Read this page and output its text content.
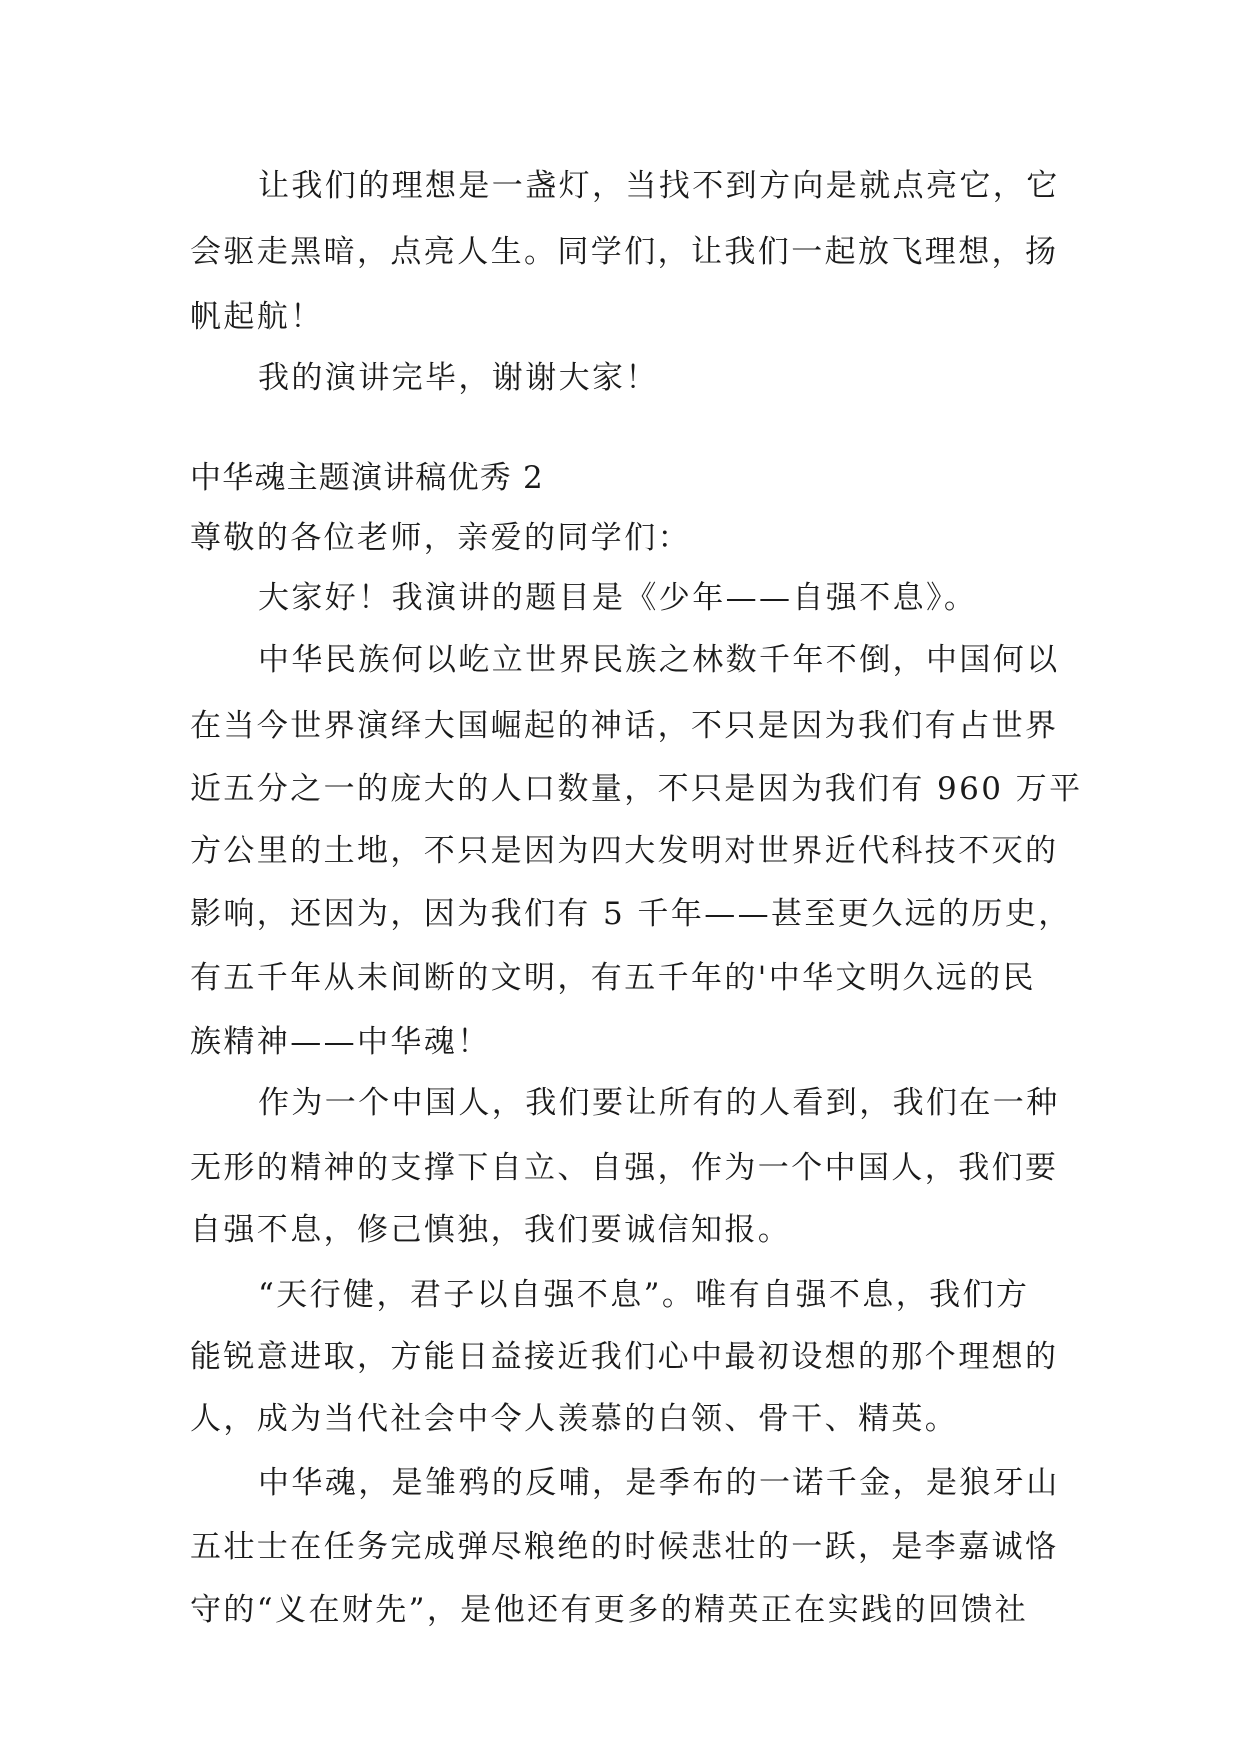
让我们的理想是一盏灯，当找不到方向是就点亮它，它
会驱走黑暗，点亮人生。同学们，让我们一起放飞理想，扬
帆起航！
我的演讲完毕，谢谢大家！
中华魂主题演讲稿优秀 2
尊敬的各位老师，亲爱的同学们：
大家好！我演讲的题目是《少年——自强不息》。
中华民族何以屹立世界民族之林数千年不倒，中国何以
在当今世界演绎大国崛起的神话，不只是因为我们有占世界
近五分之一的庞大的人口数量，不只是因为我们有 960 万平
方公里的土地，不只是因为四大发明对世界近代科技不灭的
影响，还因为，因为我们有 5 千年——甚至更久远的历史，
有五千年从未间断的文明，有五千年的'中华文明久远的民
族精神——中华魂！
作为一个中国人，我们要让所有的人看到，我们在一种
无形的精神的支撑下自立、自强，作为一个中国人，我们要
自强不息，修己慎独，我们要诚信知报。
“天行健，君子以自强不息”。唯有自强不息，我们方
能锐意进取，方能日益接近我们心中最初设想的那个理想的
人，成为当代社会中令人羡慕的白领、骨干、精英。
中华魂，是雏鸦的反哺，是季布的一诺千金，是狼牙山
五壮士在任务完成弹尽粮绝的时候悲壮的一跃，是李嘉诚恪
守的“义在财先”，是他还有更多的精英正在实践的回馈社
